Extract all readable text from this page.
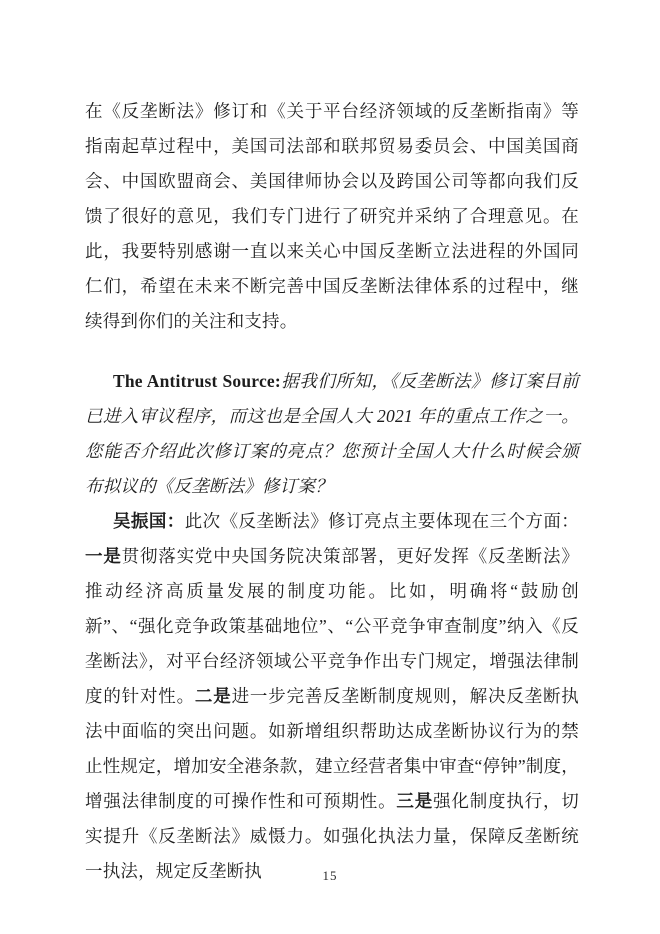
在《反垄断法》修订和《关于平台经济领域的反垄断指南》等指南起草过程中，美国司法部和联邦贸易委员会、中国美国商会、中国欧盟商会、美国律师协会以及跨国公司等都向我们反馈了很好的意见，我们专门进行了研究并采纳了合理意见。在此，我要特别感谢一直以来关心中国反垄断立法进程的外国同仁们，希望在未来不断完善中国反垄断法律体系的过程中，继续得到你们的关注和支持。

The Antitrust Source:据我们所知，《反垄断法》修订案目前已进入审议程序，而这也是全国人大 2021 年的重点工作之一。您能否介绍此次修订案的亮点？您预计全国人大什么时候会颁布拟议的《反垄断法》修订案？

吴振国：此次《反垄断法》修订亮点主要体现在三个方面：一是贯彻落实党中央国务院决策部署，更好发挥《反垄断法》推动经济高质量发展的制度功能。比如，明确将“鼓励创新”、“强化竞争政策基础地位”、“公平竞争审查制度”纳入《反垄断法》，对平台经济领域公平竞争作出专门规定，增强法律制度的针对性。二是进一步完善反垄断制度规则，解决反垄断执法中面临的突出问题。如新增组织帮助达成垄断协议行为的禁止性规定，增加安全港条款，建立经营者集中审查“停钟”制度，增强法律制度的可操作性和可预期性。三是强化制度执行，切实提升《反垄断法》威慑力。如强化执法力量，保障反垄断统一执法，规定反垄断执	15
